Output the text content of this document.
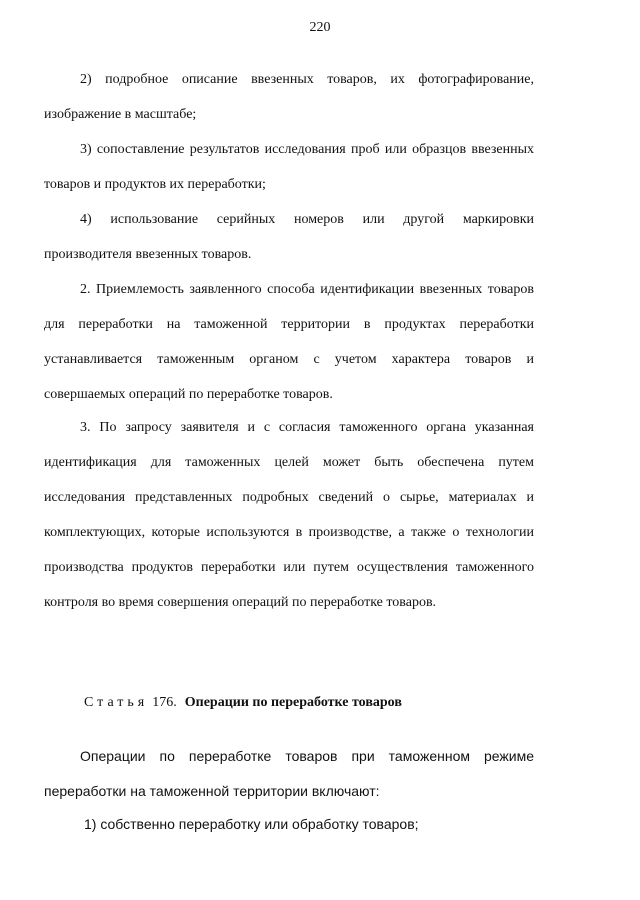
220

2) подробное описание ввезенных товаров, их фотографирование, изображение в масштабе;

3) сопоставление результатов исследования проб или образцов ввезенных товаров и продуктов их переработки;

4) использование серийных номеров или другой маркировки производителя ввезенных товаров.

2. Приемлемость заявленного способа идентификации ввезенных товаров для переработки на таможенной территории в продуктах переработки устанавливается таможенным органом с учетом характера товаров и совершаемых операций по переработке товаров.

3. По запросу заявителя и с согласия таможенного органа указанная идентификация для таможенных целей может быть обеспечена путем исследования представленных подробных сведений о сырье, материалах и комплектующих, которые используются в производстве, а также о технологии производства продуктов переработки или путем осуществления таможенного контроля во время совершения операций по переработке товаров.

Статья 176. Операции по переработке товаров

Операции по переработке товаров при таможенном режиме переработки на таможенной территории включают:

1) собственно переработку или обработку товаров;
